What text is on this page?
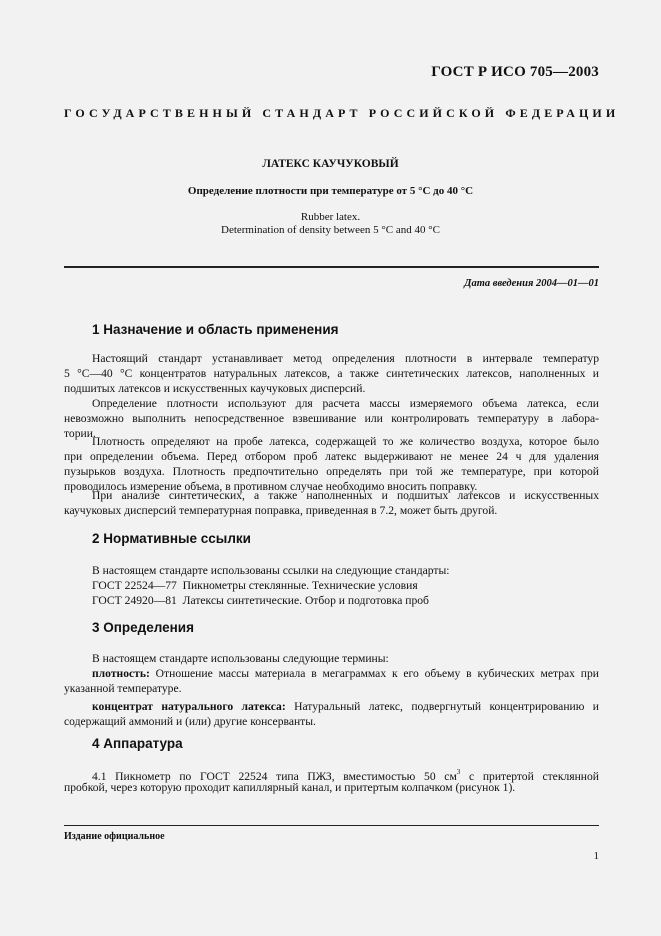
ГОСТ Р ИСО 705—2003
ГОСУДАРСТВЕННЫЙ СТАНДАРТ РОССИЙСКОЙ ФЕДЕРАЦИИ
ЛАТЕКС КАУЧУКОВЫЙ
Определение плотности при температуре от 5 °С до 40 °С
Rubber latex.
Determination of density between 5 °C and 40 °C
Дата введения 2004—01—01
1 Назначение и область применения
Настоящий стандарт устанавливает метод определения плотности в интервале температур
5 °С—40 °С концентратов натуральных латексов, а также синтетических латексов, наполненных и
подшитых латексов и искусственных каучуковых дисперсий.
Определение плотности используют для расчета массы измеряемого объема латекса, если
невозможно выполнить непосредственное взвешивание или контролировать температуру в лабора-
тории.
Плотность определяют на пробе латекса, содержащей то же количество воздуха, которое было
при определении объема. Перед отбором проб латекс выдерживают не менее 24 ч для удаления
пузырьков воздуха. Плотность предпочтительно определять при той же температуре, при которой
проводилось измерение объема, в противном случае необходимо вносить поправку.
При анализе синтетических, а также наполненных и подшитых латексов и искусственных
каучуковых дисперсий температурная поправка, приведенная в 7.2, может быть другой.
2 Нормативные ссылки
В настоящем стандарте использованы ссылки на следующие стандарты:
ГОСТ 22524—77  Пикнометры стеклянные. Технические условия
ГОСТ 24920—81  Латексы синтетические. Отбор и подготовка проб
3 Определения
В настоящем стандарте использованы следующие термины:
плотность: Отношение массы материала в мегаграммах к его объему в кубических метрах при
указанной температуре.
концентрат натурального латекса: Натуральный латекс, подвергнутый концентрированию и
содержащий аммоний и (или) другие консерванты.
4 Аппаратура
4.1 Пикнометр по ГОСТ 22524 типа ПЖЗ, вместимостью 50 $см^3$ с притертой стеклянной
пробкой, через которую проходит капиллярный канал, и притертым колпачком (рисунок 1).
Издание официальное
1
